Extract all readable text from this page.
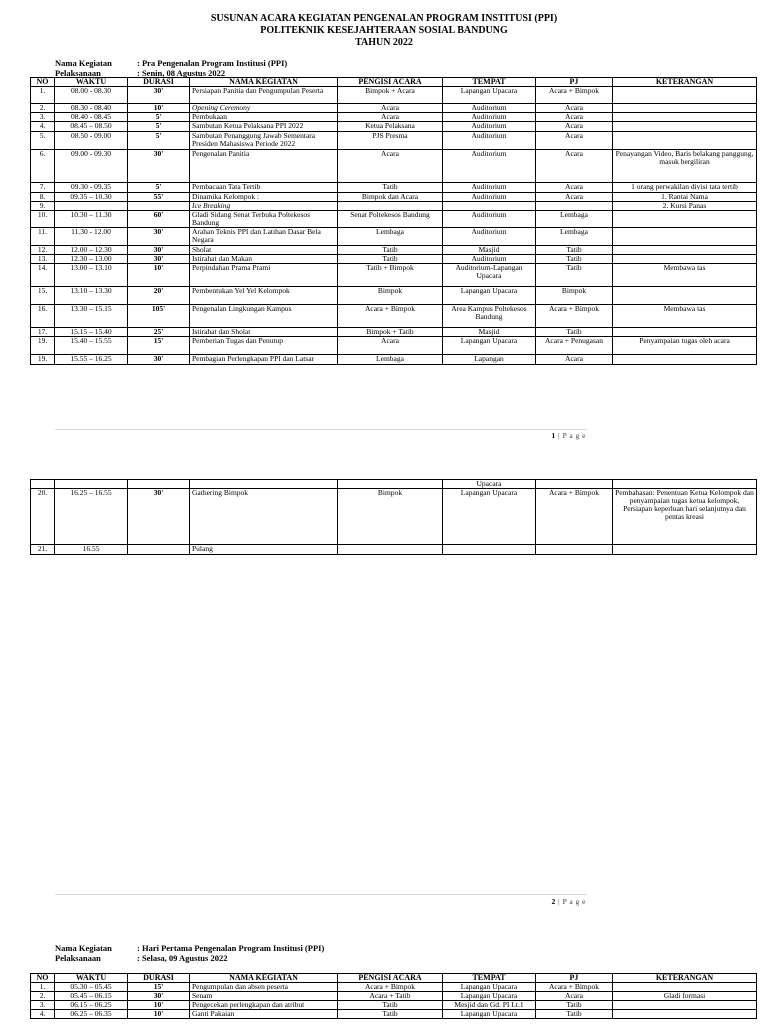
SUSUNAN ACARA KEGIATAN PENGENALAN PROGRAM INSTITUSI (PPI)
POLITEKNIK KESEJAHTERAAN SOSIAL BANDUNG
TAHUN 2022
Nama Kegiatan	: Pra Pengenalan Program Institusi (PPI)
Pelaksanaan	: Senin, 08 Agustus 2022
NO	WAKTU	DURASI	NAMA KEGIATAN	PENGISI ACARA	TEMPAT	PJ	KETERANGAN
1.	08.00 - 08.30	30'	Persiapan Panitia dan Pengumpulan Peserta	Bimpok + Acara	Lapangan Upacara	Acara + Bimpok	
2.	08.30 - 08.40	10'	Opening Ceremony	Acara	Auditorium	Acara	
3.	08.40 - 08.45	5'	Pembukaan	Acara	Auditorium	Acara	
4.	08.45 – 08.50	5'	Sambutan Ketua Pelaksana PPI 2022	Ketua Pelaksana	Auditorium	Acara	
5.	08.50 - 09.00	5'	Sambutan Penanggung Jawab Sementara Presiden Mahasiswa Periode 2022	PJS Presma	Auditorium	Acara	
6.	09.00 - 09.30	30'	Pengenalan Panitia	Acara	Auditorium	Acara	Penayangan Video, Baris belakang panggung, masuk bergiliran
7.	09.30 - 09.35	5'	Pembacaan Tata Tertib	Tatib	Auditorium	Acara	1 orang perwakilan divisi tata tertib
8.	09.35 – 10.30	55'	Dinamika Kelompok :	Bimpok dan Acara	Auditorium	Acara	1. Rantai Nama
9.			Ice Breaking				2. Kursi Panas
10.	10.30 – 11.30	60'	Gladi Sidang Senat Terbuka Poltekesos Bandung	Senat Poltekesos Bandung	Auditorium	Lembaga	
11.	11.30 - 12.00	30'	Arahan Teknis PPI dan Latihan Dasar Bela Negara	Lembaga	Auditorium	Lembaga	
12.	12.00 – 12.30	30'	Sholat	Tatib	Masjid	Tatib	
13.	12.30 – 13.00	30'	Istirahat dan Makan	Tatib	Auditorium	Tatib	
14.	13.00 – 13.10	10'	Perpindahan Prama Prami	Tatib + Bimpok	Auditorium-Lapangan Upacara	Tatib	Membawa tas
15.	13.10 – 13.30	20'	Pembentukan Yel Yel Kelompok	Bimpok	Lapangan Upacara	Bimpok	
16.	13.30 – 15.15	105'	Pengenalan Lingkungan Kampus	Acara + Bimpok	Area Kampus Poltekesos Bandung	Acara + Bimpok	Membawa tas
17.	15.15 – 15.40	25'	Istirahat dan Sholat	Bimpok + Tatib	Masjid	Tatib	
19.	15.40 – 15.55	15'	Pemberian Tugas dan Penutup	Acara	Lapangan Upacara	Acara + Penugasan	Penyampaian tugas oleh acara
19.	15.55 – 16.25	30'	Pembagian Perlengkapan PPI dan Latsar	Lembaga	Lapangan	Acara	
1 | P a g e
					Upacara		
20.	16.25 – 16.55	30'	Gathering Bimpok	Bimpok	Lapangan Upacara	Acara + Bimpok	Pembahasan: Penentuan Ketua Kelompok dan penyampaian tugas ketua kelompok, Persiapan keperluan hari selanjutnya dan pentas kreasi
21.	16.55		Pulang				
2 | P a g e
Nama Kegiatan	: Hari Pertama Pengenalan Program Institusi (PPI)
Pelaksanaan	: Selasa, 09 Agustus 2022
NO	WAKTU	DURASI	NAMA KEGIATAN	PENGISI ACARA	TEMPAT	PJ	KETERANGAN
1.	05.30 – 05.45	15'	Pengumpulan dan absen peserta	Acara + Bimpok	Lapangan Upacara	Acara + Bimpok	
2.	05.45 – 06.15	30'	Senam	Acara + Tatib	Lapangan Upacara	Acara	Gladi formasi
3.	06.15 – 06.25	10'	Pengecekan perlengkapan dan atribut	Tatib	Mesjid dan Gd. PI Lt.1	Tatib	
4.	06.25 – 06.35	10'	Ganti Pakaian	Tatib	Lapangan Upacara	Tatib	
